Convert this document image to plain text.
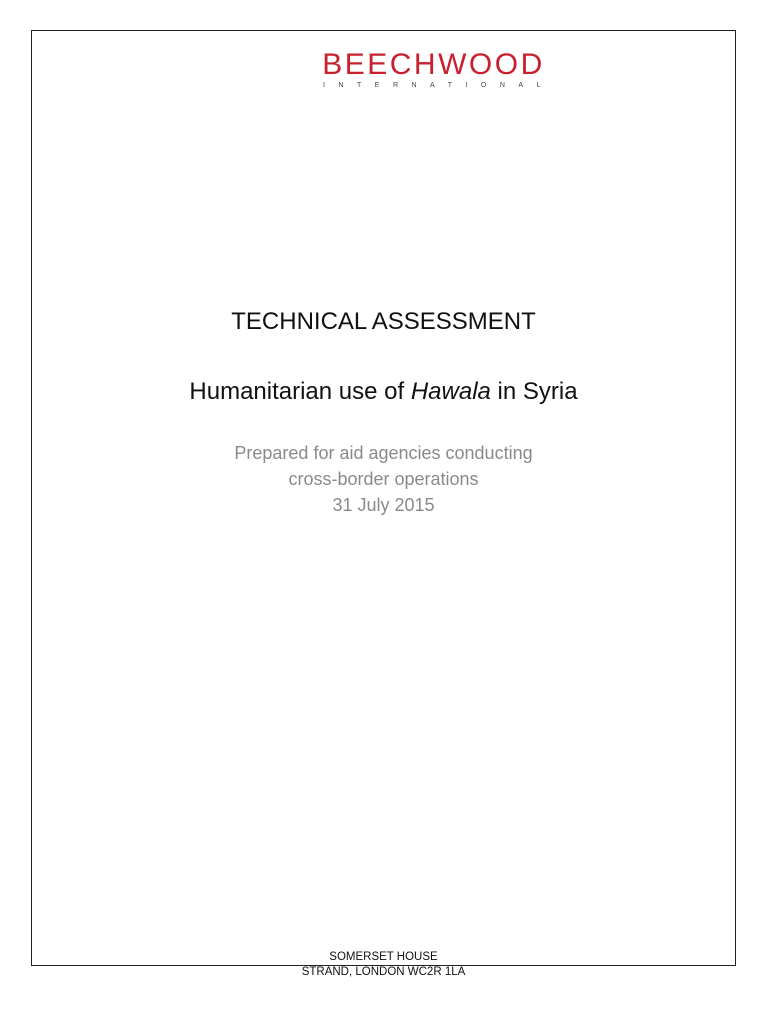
BEECHWOOD
INTERNATIONAL
TECHNICAL ASSESSMENT
Humanitarian use of Hawala in Syria
Prepared for aid agencies conducting
cross-border operations
31 July 2015
SOMERSET HOUSE
STRAND, LONDON WC2R 1LA
